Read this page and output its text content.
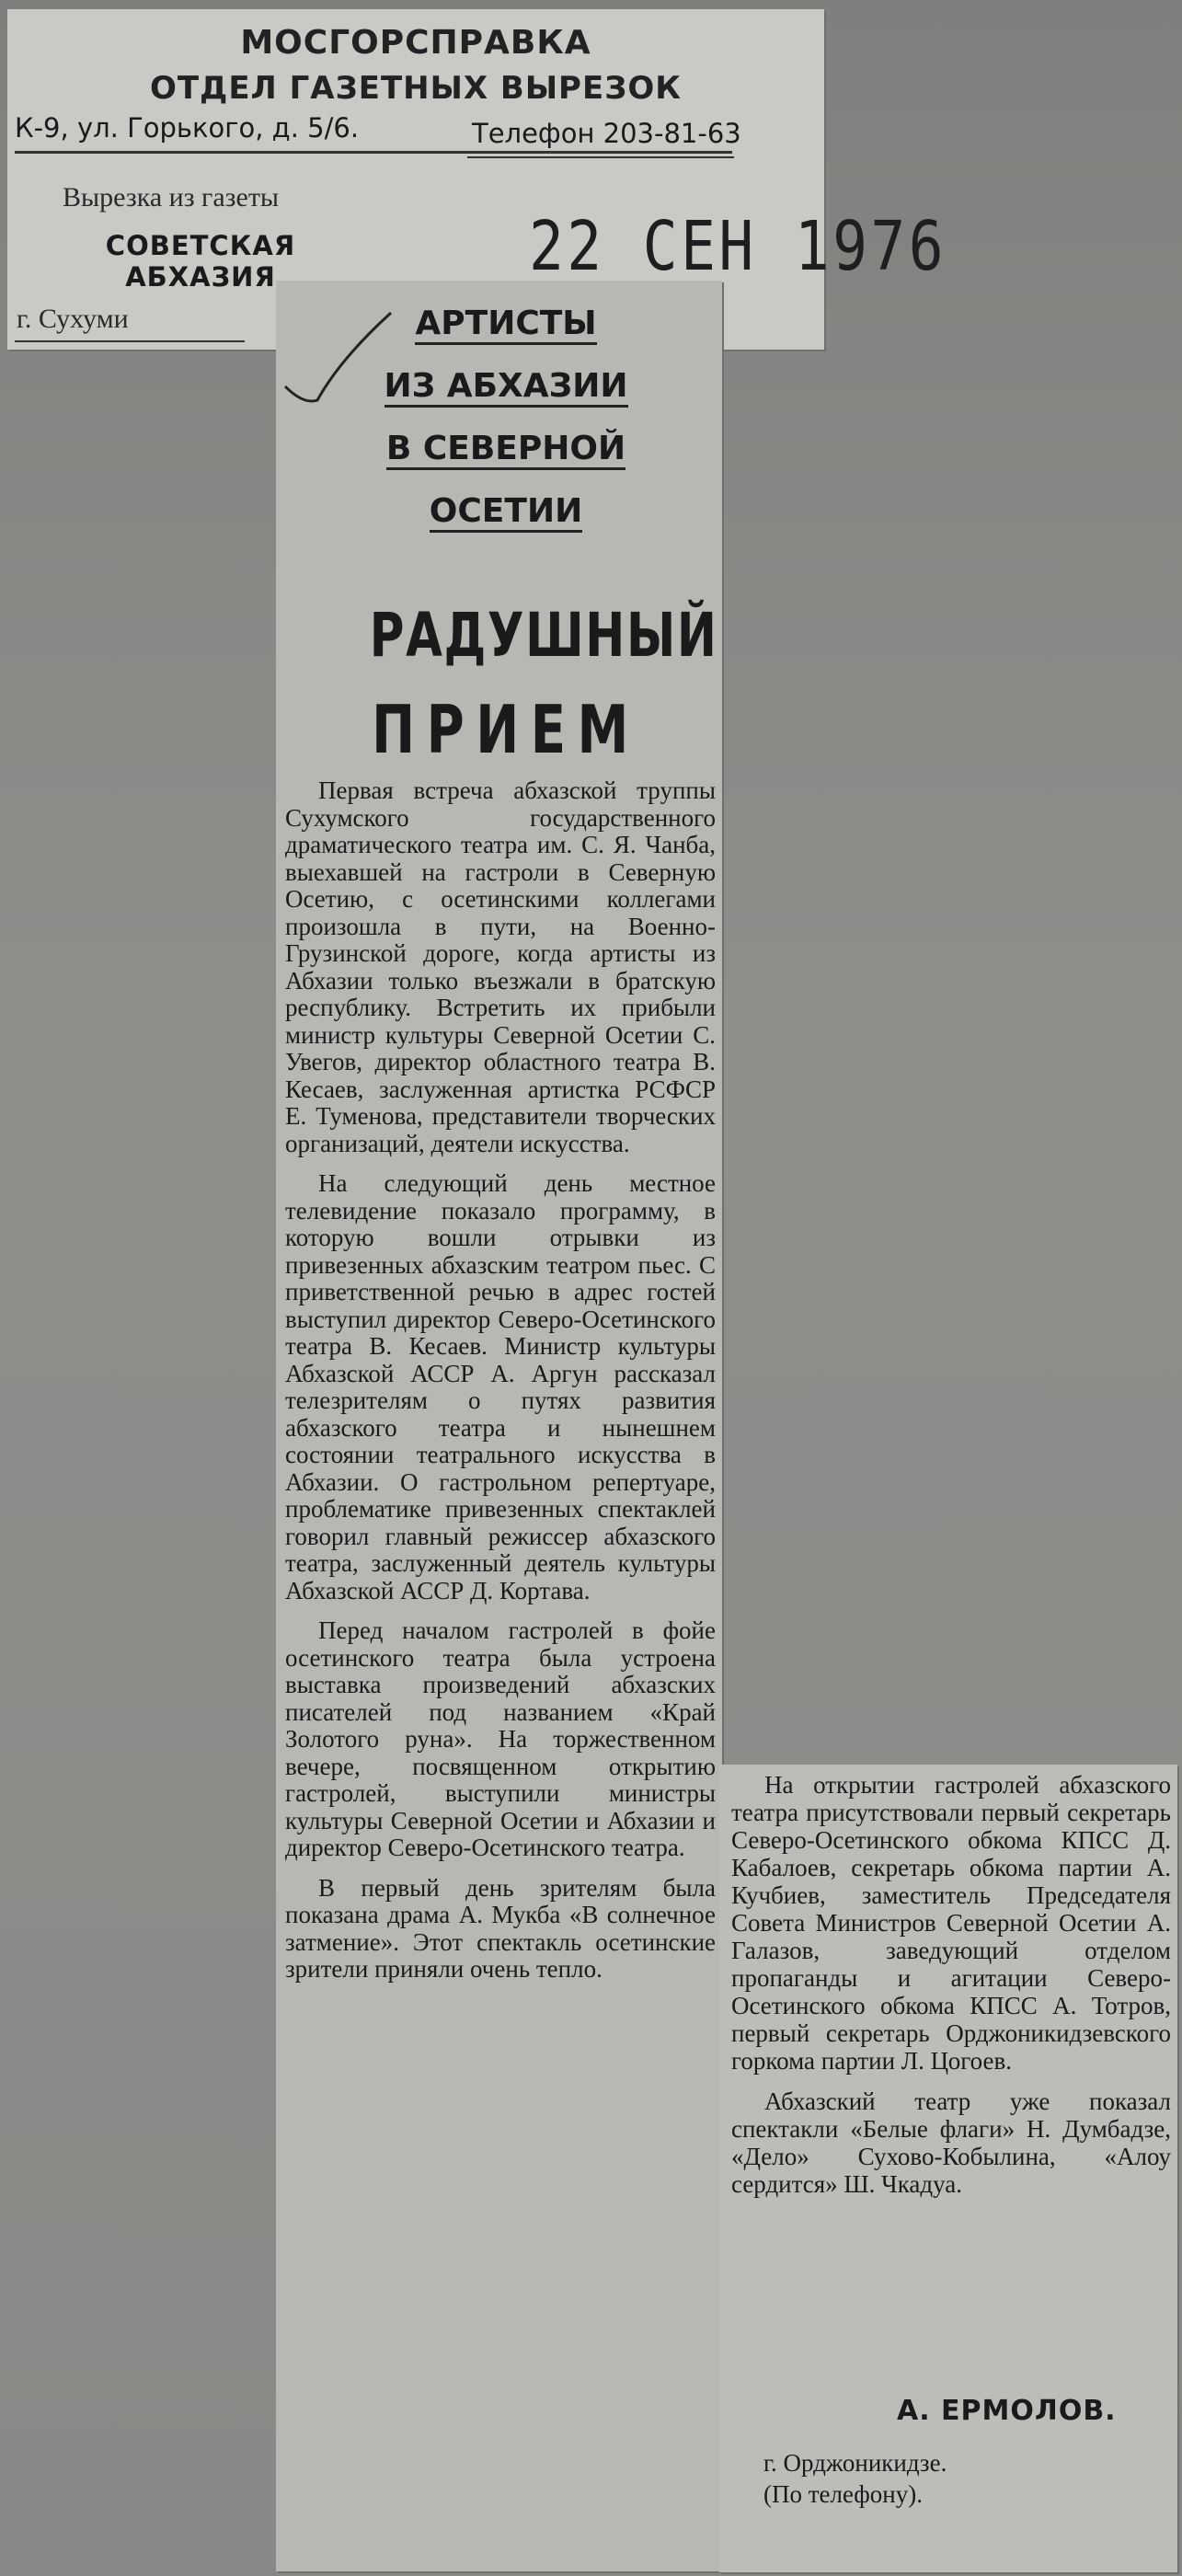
МОСГОРСПРАВКА
ОТДЕЛ ГАЗЕТНЫХ ВЫРЕЗОК
К-9, ул. Горького, д. 5/6.	Телефон 203-81-63
Вырезка из газеты
СОВЕТСКАЯ
АБХАЗИЯ
г. Сухуми
22 СЕН 1976
АРТИСТЫ
ИЗ АБХАЗИИ
В СЕВЕРНОЙ
ОСЕТИИ
РАДУШНЫЙ
ПРИЕМ

Первая встреча абхазской труппы Сухумского государственного драматического театра им. С. Я. Чанба, выехавшей на гастроли в Северную Осетию, с осетинскими коллегами произошла в пути, на Военно-Грузинской дороге, когда артисты из Абхазии только въезжали в братскую республику. Встретить их прибыли министр культуры Северной Осетии С. Увегов, директор областного театра В. Кесаев, заслуженная артистка РСФСР Е. Туменова, представители творческих организаций, деятели искусства.

На следующий день местное телевидение показало программу, в которую вошли отрывки из привезенных абхазским театром пьес. С приветственной речью в адрес гостей выступил директор Северо-Осетинского театра В. Кесаев. Министр культуры Абхазской АССР А. Аргун рассказал телезрителям о путях развития абхазского театра и нынешнем состоянии театрального искусства в Абхазии. О гастрольном репертуаре, проблематике привезенных спектаклей говорил главный режиссер абхазского театра, заслуженный деятель культуры Абхазской АССР Д. Кортава.

Перед началом гастролей в фойе осетинского театра была устроена выставка произведений абхазских писателей под названием «Край Золотого руна». На торжественном вечере, посвященном открытию гастролей, выступили министры культуры Северной Осетии и Абхазии и директор Северо-Осетинского театра.

В первый день зрителям была показана драма А. Мукба «В солнечное затмение». Этот спектакль осетинские зрители приняли очень тепло.

На открытии гастролей абхазского театра присутствовали первый секретарь Северо-Осетинского обкома КПСС Д. Кабалоев, секретарь обкома партии А. Кучбиев, заместитель Председателя Совета Министров Северной Осетии А. Галазов, заведующий отделом пропаганды и агитации Северо-Осетинского обкома КПСС А. Тотров, первый секретарь Орджоникидзевского горкома партии Л. Цогоев.

Абхазский театр уже показал спектакли «Белые флаги» Н. Думбадзе, «Дело» Сухово-Кобылина, «Алоу сердится» Ш. Чкадуа.

А. ЕРМОЛОВ.
г. Орджоникидзе.
(По телефону).
